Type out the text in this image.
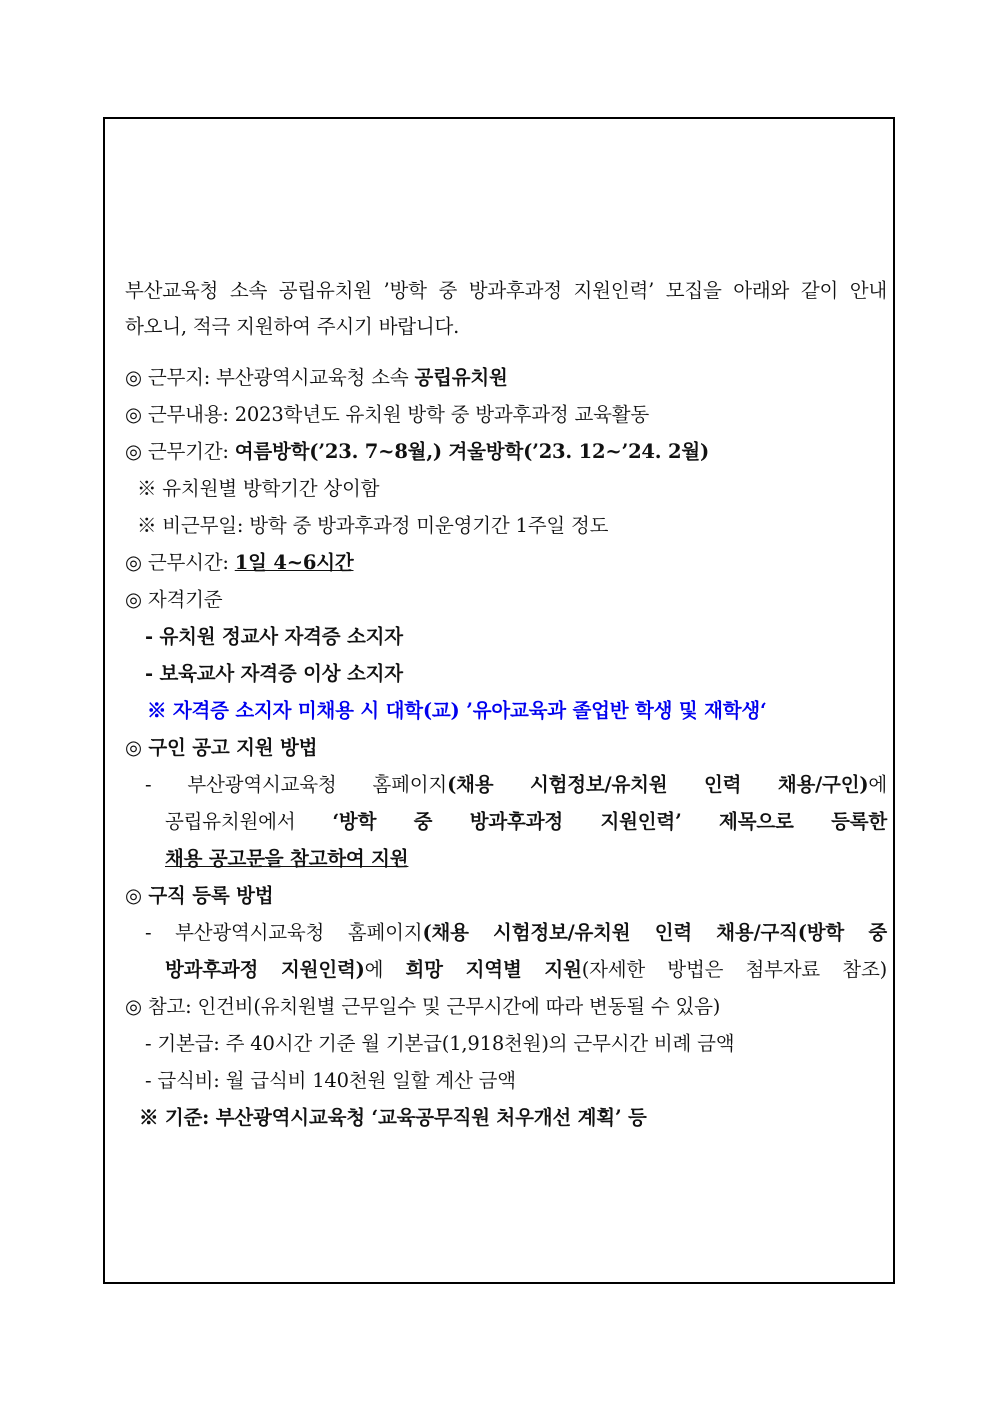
부산교육청 소속 공립유치원 ’방학 중 방과후과정 지원인력’ 모집을 아래와 같이 안내
하오니, 적극 지원하여 주시기 바랍니다.
◎ 근무지: 부산광역시교육청 소속 공립유치원
◎ 근무내용: 2023학년도 유치원 방학 중 방과후과정 교육활동
◎ 근무기간: 여름방학(’23. 7~8월,) 겨울방학(’23. 12~’24. 2월)
※ 유치원별 방학기간 상이함
※ 비근무일: 방학 중 방과후과정 미운영기간 1주일 정도
◎ 근무시간: 1일 4~6시간
◎ 자격기준
- 유치원 정교사 자격증 소지자
- 보육교사 자격증 이상 소지자
※ 자격증 소지자 미채용 시 대학(교) ’유아교육과 졸업반 학생 및 재학생‘
◎ 구인 공고 지원 방법
- 부산광역시교육청 홈페이지(채용 시험정보/유치원 인력 채용/구인)에
공립유치원에서 ‘방학 중 방과후과정 지원인력’ 제목으로 등록한
채용 공고문을 참고하여 지원
◎ 구직 등록 방법
- 부산광역시교육청 홈페이지(채용 시험정보/유치원 인력 채용/구직(방학 중
방과후과정 지원인력)에 희망 지역별 지원(자세한 방법은 첨부자료 참조)
◎ 참고: 인건비(유치원별 근무일수 및 근무시간에 따라 변동될 수 있음)
- 기본급: 주 40시간 기준 월 기본급(1,918천원)의 근무시간 비례 금액
- 급식비: 월 급식비 140천원 일할 계산 금액
※ 기준: 부산광역시교육청 ‘교육공무직원 처우개선 계획’ 등
